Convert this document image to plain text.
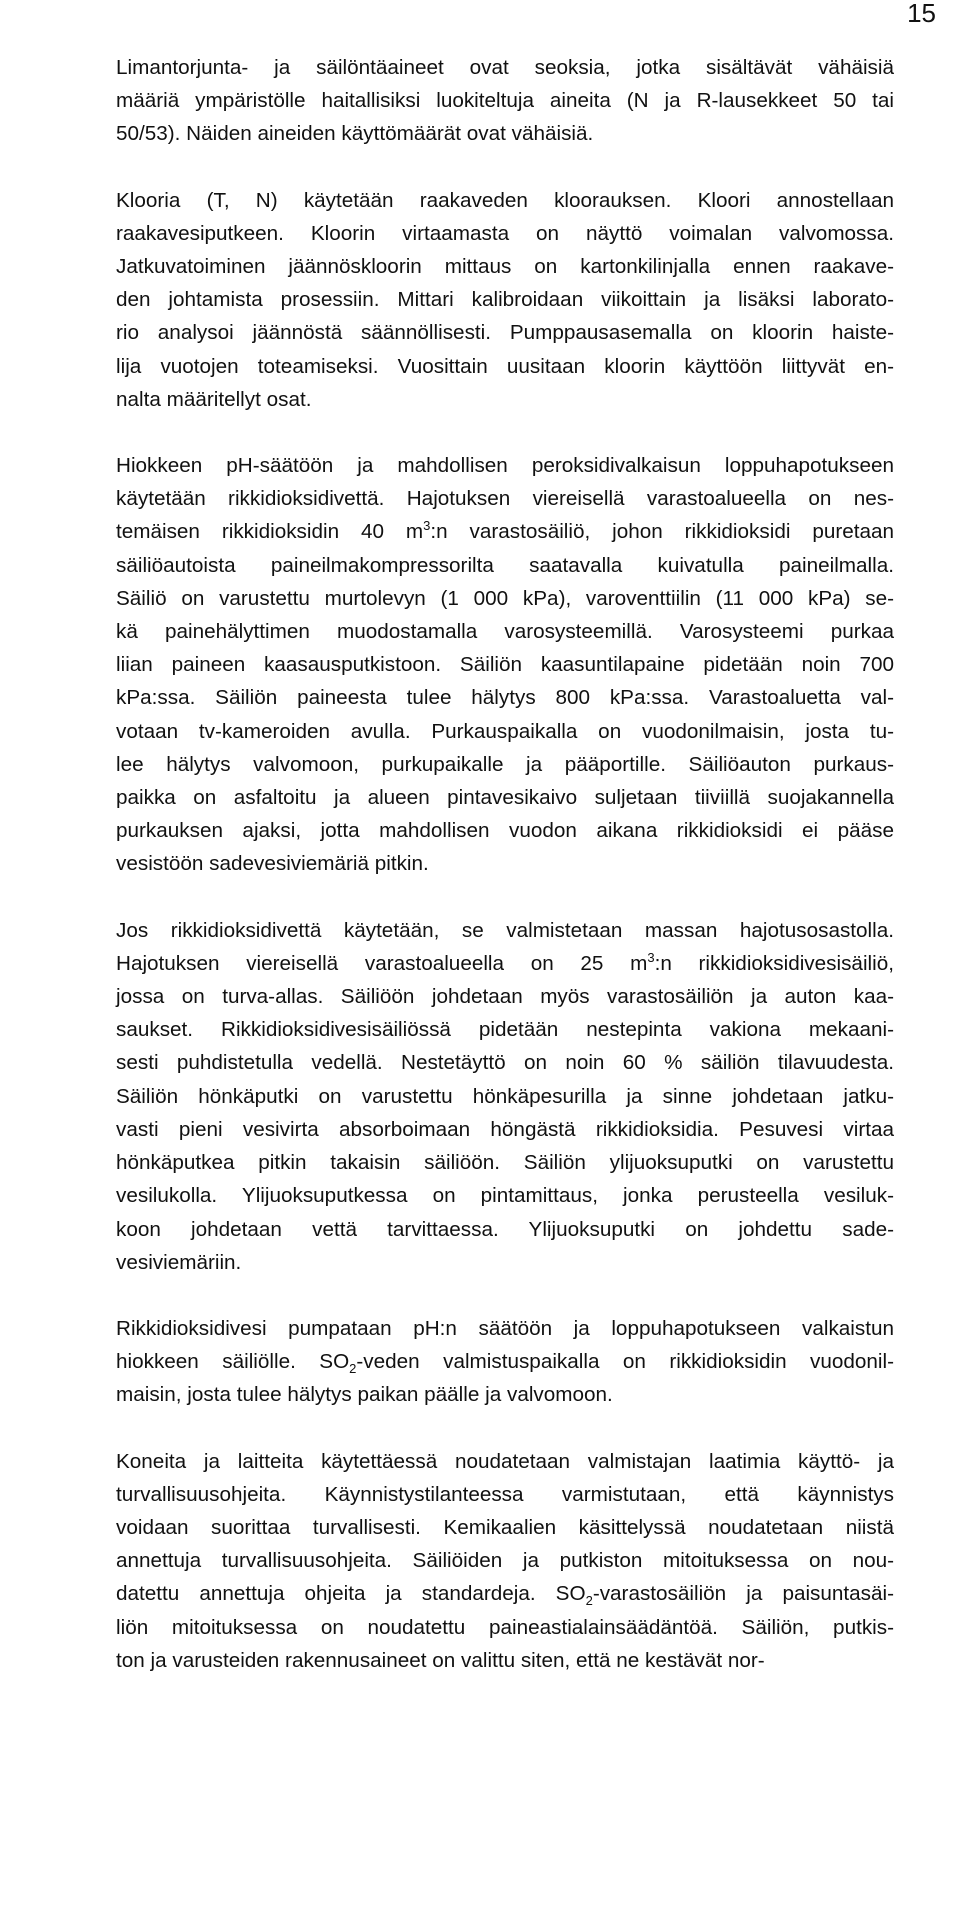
15

Limantorjunta- ja säilöntäaineet ovat seoksia, jotka sisältävät vähäisiä
määriä ympäristölle haitallisiksi luokiteltuja aineita (N ja R-lausekkeet 50 tai
50/53). Näiden aineiden käyttömäärät ovat vähäisiä.

Klooria (T, N) käytetään raakaveden kloorauksen. Kloori annostellaan
raakavesiputkeen. Kloorin virtaamasta on näyttö voimalan valvomossa.
Jatkuvatoiminen jäännöskloorin mittaus on kartonkilinjalla ennen raakave-
den johtamista prosessiin. Mittari kalibroidaan viikoittain ja lisäksi laborato-
rio analysoi jäännöstä säännöllisesti. Pumppausasemalla on kloorin haiste-
lija vuotojen toteamiseksi. Vuosittain uusitaan kloorin käyttöön liittyvät en-
nalta määritellyt osat.

Hiokkeen pH-säätöön ja mahdollisen peroksidivalkaisun loppuhapotukseen
käytetään rikkidioksidivettä. Hajotuksen viereisellä varastoalueella on nes-
temäisen rikkidioksidin 40 $m^3:n$ varastosäiliö, johon rikkidioksidi puretaan
säiliöautoista paineilmakompressorilta saatavalla kuivatulla paineilmalla.
Säiliö on varustettu murtolevyn (1 000 kPa), varoventtiilin (11 000 kPa) se-
kä painehälyttimen muodostamalla varosysteemillä. Varosysteemi purkaa
liian paineen kaasausputkistoon. Säiliön kaasuntilapaine pidetään noin 700
kPa:ssa. Säiliön paineesta tulee hälytys 800 kPa:ssa. Varastoaluetta val-
votaan tv-kameroiden avulla. Purkauspaikalla on vuodonilmaisin, josta tu-
lee hälytys valvomoon, purkupaikalle ja pääportille. Säiliöauton purkaus-
paikka on asfaltoitu ja alueen pintavesikaivo suljetaan tiiviillä suojakannella
purkauksen ajaksi, jotta mahdollisen vuodon aikana rikkidioksidi ei pääse
vesistöön sadevesiviemäriä pitkin.

Jos rikkidioksidivettä käytetään, se valmistetaan massan hajotusosastolla.
Hajotuksen viereisellä varastoalueella on 25 $m^3:n$ rikkidioksidivesisäiliö,
jossa on turva-allas. Säiliöön johdetaan myös varastosäiliön ja auton kaa-
saukset. Rikkidioksidivesisäiliössä pidetään nestepinta vakiona mekaani-
sesti puhdistetulla vedellä. Nestetäyttö on noin 60 % säiliön tilavuudesta.
Säiliön hönkäputki on varustettu hönkäpesurilla ja sinne johdetaan jatku-
vasti pieni vesivirta absorboimaan höngästä rikkidioksidia. Pesuvesi virtaa
hönkäputkea pitkin takaisin säiliöön. Säiliön ylijuoksuputki on varustettu
vesilukolla. Ylijuoksuputkessa on pintamittaus, jonka perusteella vesiluk-
koon johdetaan vettä tarvittaessa. Ylijuoksuputki on johdettu sade-
vesiviemäriin.

Rikkidioksidivesi pumpataan pH:n säätöön ja loppuhapotukseen valkaistun
hiokkeen säiliölle. $SO_2$-veden valmistuspaikalla on rikkidioksidin vuodonil-
maisin, josta tulee hälytys paikan päälle ja valvomoon.

Koneita ja laitteita käytettäessä noudatetaan valmistajan laatimia käyttö- ja
turvallisuusohjeita. Käynnistystilanteessa varmistutaan, että käynnistys
voidaan suorittaa turvallisesti. Kemikaalien käsittelyssä noudatetaan niistä
annettuja turvallisuusohjeita. Säiliöiden ja putkiston mitoituksessa on nou-
datettu annettuja ohjeita ja standardeja. $SO_2$-varastosäiliön ja paisuntasäi-
liön mitoituksessa on noudatettu paineastialainsäädäntöä. Säiliön, putkis-
ton ja varusteiden rakennusaineet on valittu siten, että ne kestävät nor-
